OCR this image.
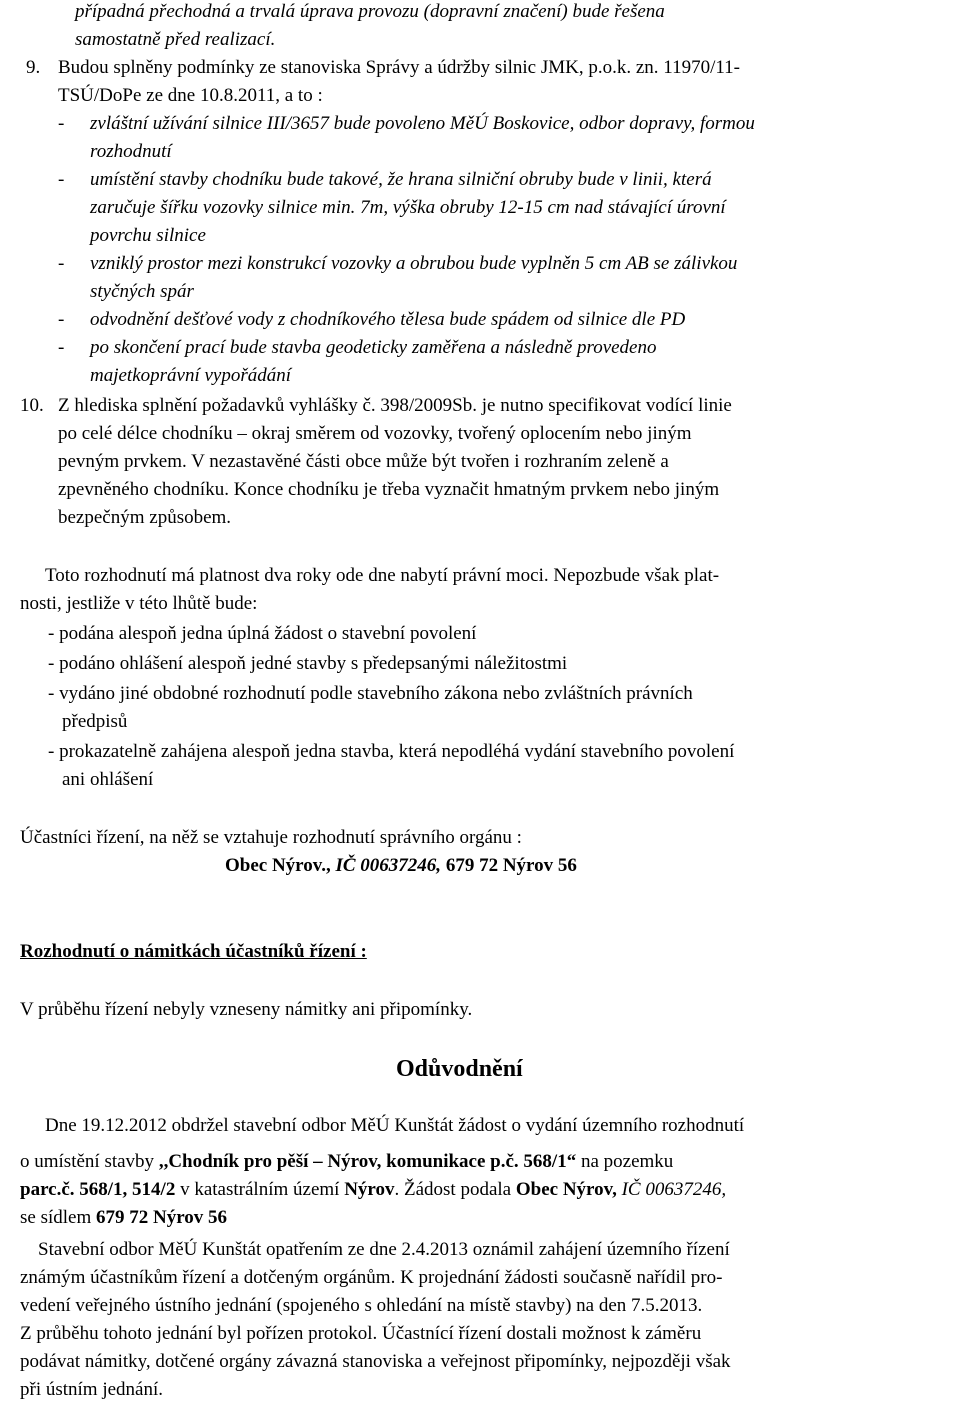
případná přechodná a trvalá úprava provozu (dopravní značení) bude řešena
samostatně před realizací.
9. Budou splněny podmínky ze stanoviska Správy a údržby silnic JMK, p.o.k. zn. 11970/11-
TSÚ/DoPe ze dne 10.8.2011, a to :
- zvláštní užívání silnice III/3657 bude povoleno MěÚ Boskovice, odbor dopravy, formou
rozhodnutí
- umístění stavby chodníku bude takové, že hrana silniční obruby bude v linii, která
zaručuje šířku vozovky silnice min. 7m, výška obruby 12-15 cm nad stávající úrovní
povrchu silnice
- vzniklý prostor mezi konstrukcí vozovky a obrubou bude vyplněn 5 cm AB se zálivkou
styčných spár
- odvodnění dešťové vody z chodníkového tělesa bude spádem od silnice dle PD
- po skončení prací bude stavba geodeticky zaměřena a následně provedeno
majetkoprávní vypořádání
10. Z hlediska splnění požadavků vyhlášky č. 398/2009Sb. je nutno specifikovat vodící linie
po celé délce chodníku – okraj směrem od vozovky, tvořený oplocením nebo jiným
pevným prvkem. V nezastavěné části obce může být tvořen i rozhraním zeleně a
zpevněného chodníku. Konce chodníku je třeba vyznačit hmatným prvkem nebo jiným
bezpečným způsobem.
Toto rozhodnutí má platnost dva roky ode dne nabytí právní moci. Nepozbude však plat-
nosti, jestliže v této lhůtě bude:
- podána alespoň jedna úplná žádost o stavební povolení
- podáno ohlášení alespoň jedné stavby s předepsanými náležitostmi
- vydáno jiné obdobné rozhodnutí podle stavebního zákona nebo zvláštních právních
předpisů
- prokazatelně zahájena alespoň jedna stavba, která nepodléhá vydání stavebního povolení
ani ohlášení
Účastníci řízení, na něž se vztahuje rozhodnutí správního orgánu :
Obec Nýrov., IČ 00637246, 679 72 Nýrov 56
Rozhodnutí o námitkách účastníků řízení :
V průběhu řízení nebyly vzneseny námitky ani připomínky.
Odůvodnění
Dne 19.12.2012 obdržel stavební odbor MěÚ Kunštát žádost o vydání územního rozhodnutí
o umístění stavby ,,Chodník pro pěší – Nýrov, komunikace p.č. 568/1“ na pozemku
parc.č. 568/1, 514/2 v katastrálním území Nýrov. Žádost podala Obec Nýrov, IČ 00637246,
se sídlem 679 72 Nýrov 56
Stavební odbor MěÚ Kunštát opatřením ze dne 2.4.2013 oznámil zahájení územního řízení
známým účastníkům řízení a dotčeným orgánům. K projednání žádosti současně nařídil pro-
vedení veřejného ústního jednání (spojeného s ohledání na místě stavby) na den 7.5.2013.
Z průběhu tohoto jednání byl pořízen protokol. Účastnící řízení dostali možnost k záměru
podávat námitky, dotčené orgány závazná stanoviska a veřejnost připomínky, nejpozději však
při ústním jednání.
